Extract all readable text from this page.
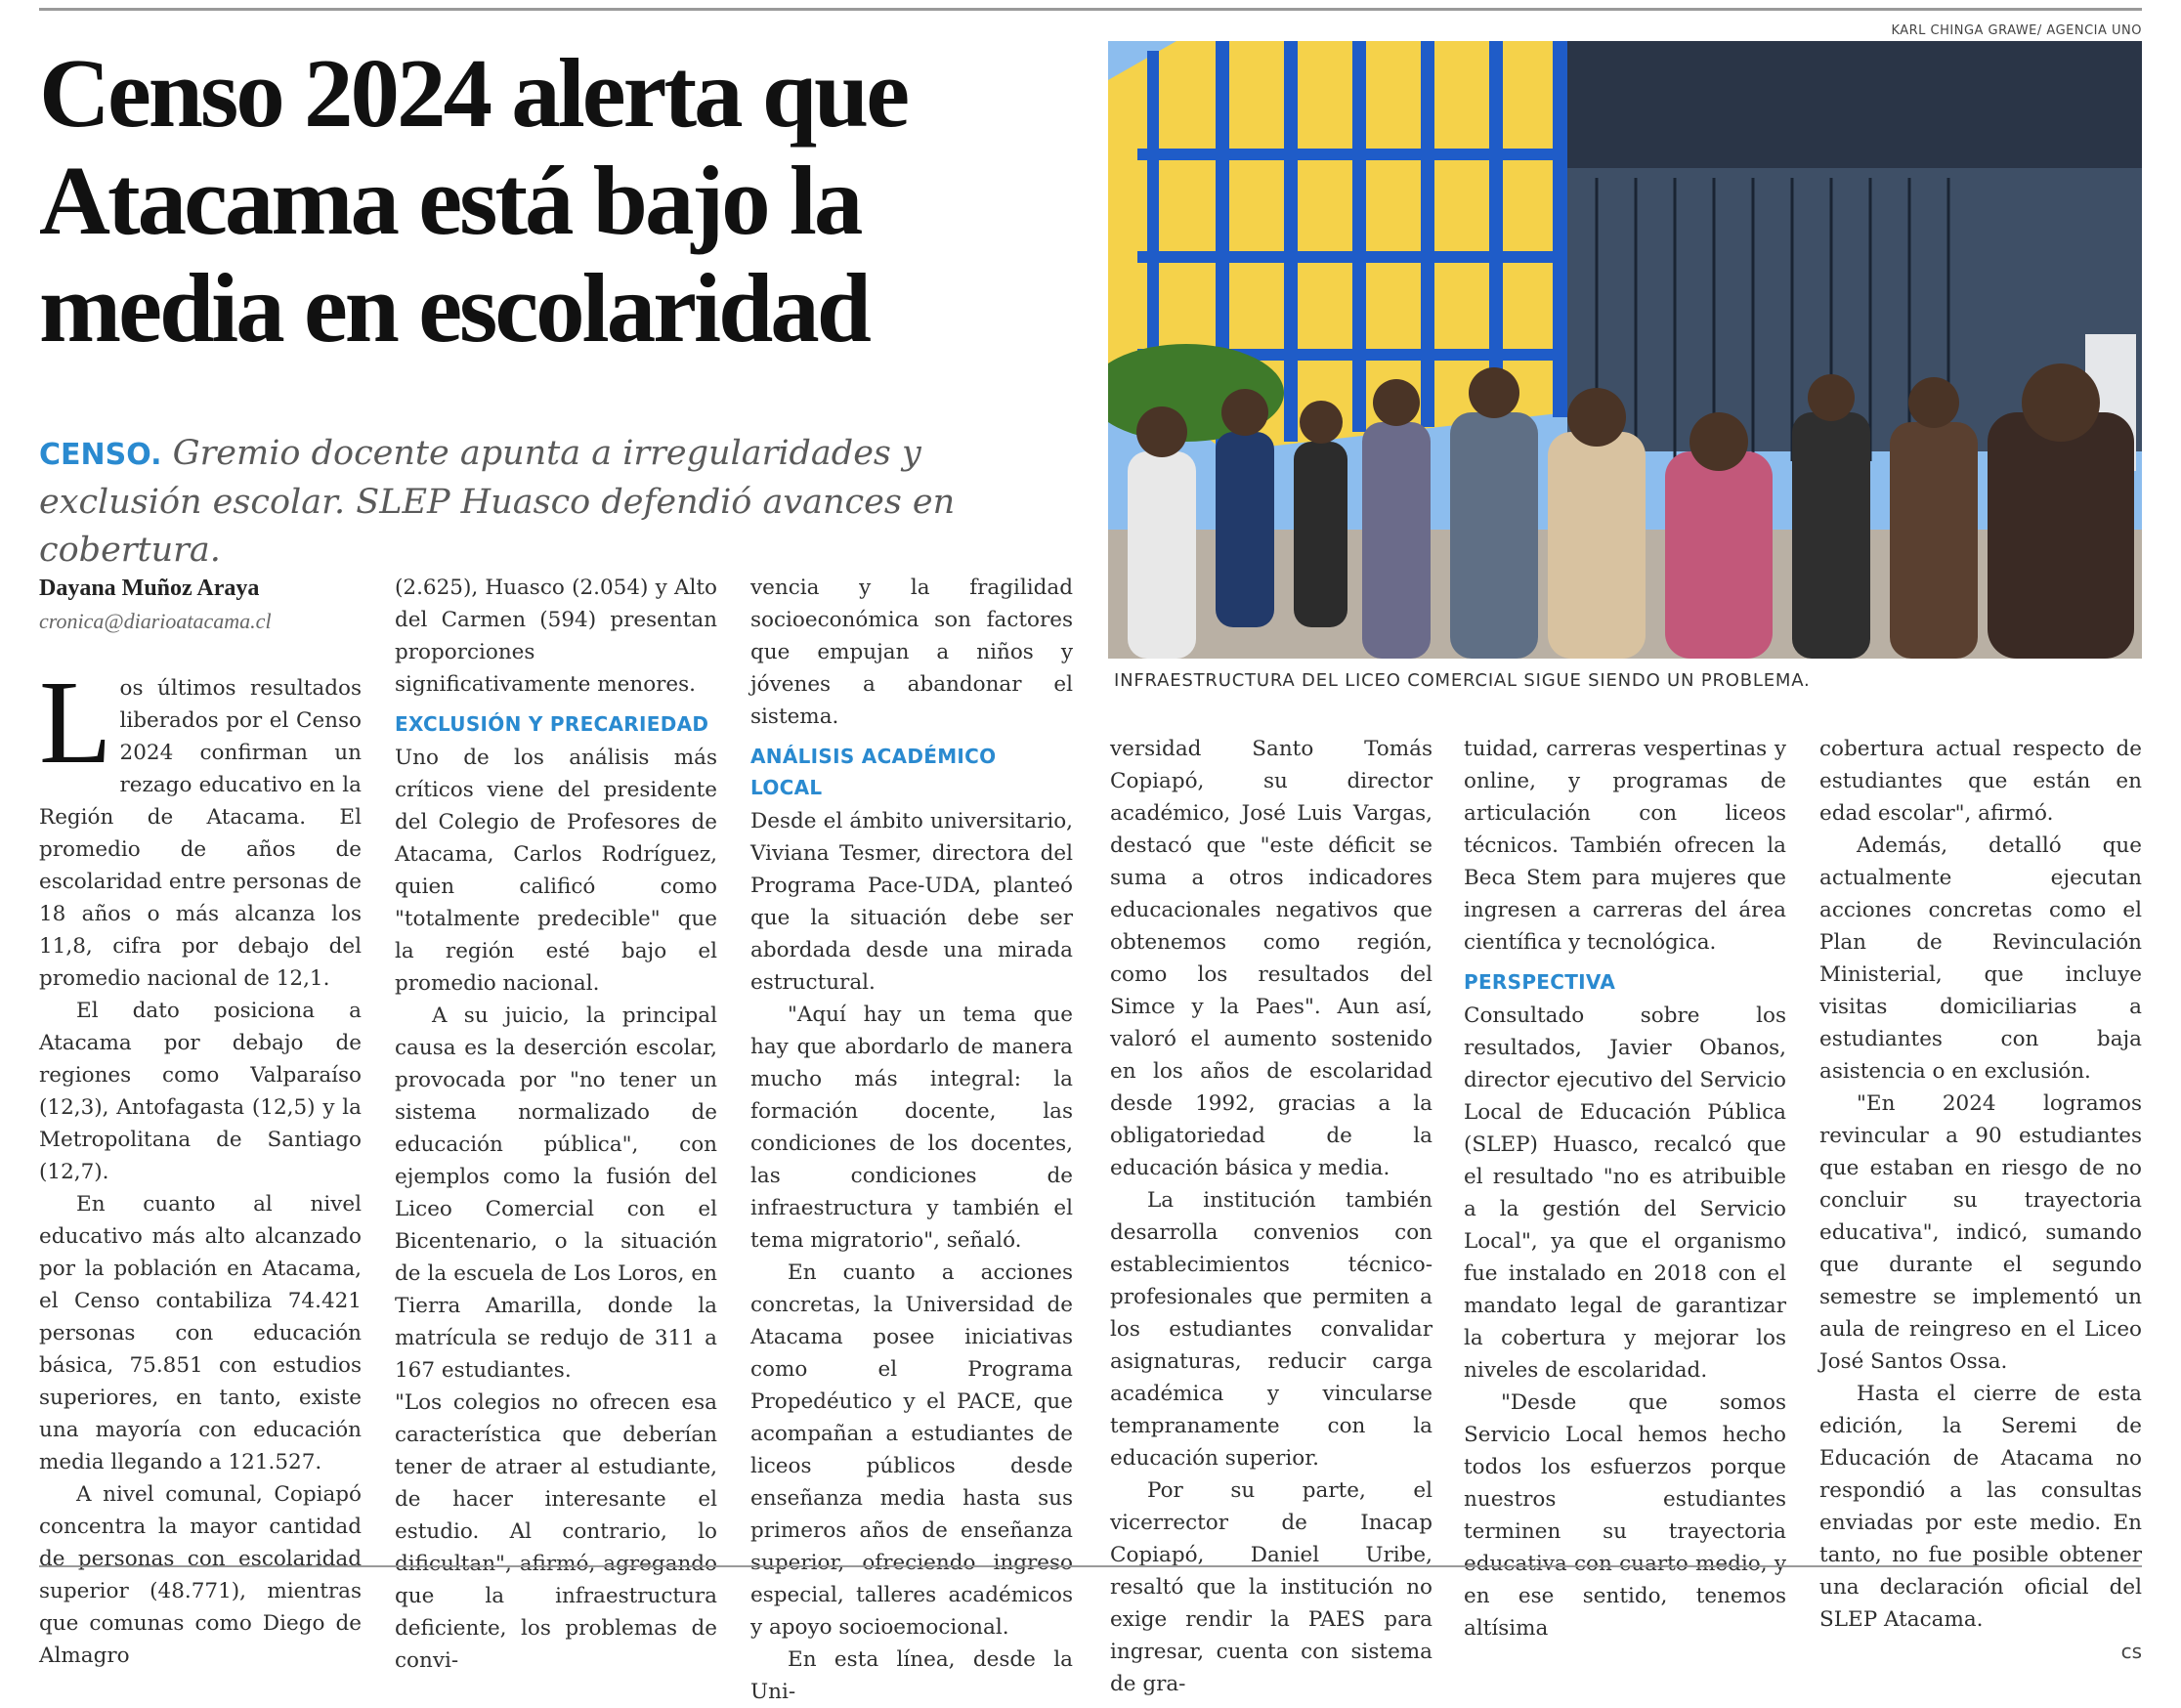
Censo 2024 alerta que Atacama está bajo la media en escolaridad

CENSO. Gremio docente apunta a irregularidades y exclusión escolar. SLEP Huasco defendió avances en cobertura.

Dayana Muñoz Araya
cronica@diarioatacama.cl
KARL CHINGA GRAWE/ AGENCIA UNO
INFRAESTRUCTURA DEL LICEO COMERCIAL SIGUE SIENDO UN PROBLEMA.

Los últimos resultados liberados por el Censo 2024 confirman un rezago educativo en la Región de Atacama. El promedio de años de escolaridad entre personas de 18 años o más alcanza los 11,8, cifra por debajo del promedio nacional de 12,1.

El dato posiciona a Atacama por debajo de regiones como Valparaíso (12,3), Antofagasta (12,5) y la Metropolitana de Santiago (12,7).

En cuanto al nivel educativo más alto alcanzado por la población en Atacama, el Censo contabiliza 74.421 personas con educación básica, 75.851 con estudios superiores, en tanto, existe una mayoría con educación media llegando a 121.527.

A nivel comunal, Copiapó concentra la mayor cantidad de personas con escolaridad superior (48.771), mientras que comunas como Diego de Almagro

(2.625), Huasco (2.054) y Alto del Carmen (594) presentan proporciones significativamente menores.

EXCLUSIÓN Y PRECARIEDAD

Uno de los análisis más críticos viene del presidente del Colegio de Profesores de Atacama, Carlos Rodríguez, quien calificó como "totalmente predecible" que la región esté bajo el promedio nacional.

A su juicio, la principal causa es la deserción escolar, provocada por "no tener un sistema normalizado de educación pública", con ejemplos como la fusión del Liceo Comercial con el Bicentenario, o la situación de la escuela de Los Loros, en Tierra Amarilla, donde la matrícula se redujo de 311 a 167 estudiantes.

"Los colegios no ofrecen esa característica que deberían tener de atraer al estudiante, de hacer interesante el estudio. Al contrario, lo dificultan", afirmó, agregando que la infraestructura deficiente, los problemas de convi-

vencia y la fragilidad socioeconómica son factores que empujan a niños y jóvenes a abandonar el sistema.

ANÁLISIS ACADÉMICO LOCAL

Desde el ámbito universitario, Viviana Tesmer, directora del Programa Pace-UDA, planteó que la situación debe ser abordada desde una mirada estructural.

"Aquí hay un tema que hay que abordarlo de manera mucho más integral: la formación docente, las condiciones de los docentes, las condiciones de infraestructura y también el tema migratorio", señaló.

En cuanto a acciones concretas, la Universidad de Atacama posee iniciativas como el Programa Propedéutico y el PACE, que acompañan a estudiantes de liceos públicos desde enseñanza media hasta sus primeros años de enseñanza superior, ofreciendo ingreso especial, talleres académicos y apoyo socioemocional.

En esta línea, desde la Uni-

versidad Santo Tomás Copiapó, su director académico, José Luis Vargas, destacó que "este déficit se suma a otros indicadores educacionales negativos que obtenemos como región, como los resultados del Simce y la Paes". Aun así, valoró el aumento sostenido en los años de escolaridad desde 1992, gracias a la obligatoriedad de la educación básica y media.

La institución también desarrolla convenios con establecimientos técnico-profesionales que permiten a los estudiantes convalidar asignaturas, reducir carga académica y vincularse tempranamente con la educación superior.

Por su parte, el vicerrector de Inacap Copiapó, Daniel Uribe, resaltó que la institución no exige rendir la PAES para ingresar, cuenta con sistema de gra-

tuidad, carreras vespertinas y online, y programas de articulación con liceos técnicos. También ofrecen la Beca Stem para mujeres que ingresen a carreras del área científica y tecnológica.

PERSPECTIVA

Consultado sobre los resultados, Javier Obanos, director ejecutivo del Servicio Local de Educación Pública (SLEP) Huasco, recalcó que el resultado "no es atribuible a la gestión del Servicio Local", ya que el organismo fue instalado en 2018 con el mandato legal de garantizar la cobertura y mejorar los niveles de escolaridad.

"Desde que somos Servicio Local hemos hecho todos los esfuerzos porque nuestros estudiantes terminen su trayectoria educativa con cuarto medio, y en ese sentido, tenemos altísima

cobertura actual respecto de estudiantes que están en edad escolar", afirmó.

Además, detalló que actualmente ejecutan acciones concretas como el Plan de Revinculación Ministerial, que incluye visitas domiciliarias a estudiantes con baja asistencia o en exclusión.

"En 2024 logramos revincular a 90 estudiantes que estaban en riesgo de no concluir su trayectoria educativa", indicó, sumando que durante el segundo semestre se implementó un aula de reingreso en el Liceo José Santos Ossa.

Hasta el cierre de esta edición, la Seremi de Educación de Atacama no respondió a las consultas enviadas por este medio. En tanto, no fue posible obtener una declaración oficial del SLEP Atacama.

cs
